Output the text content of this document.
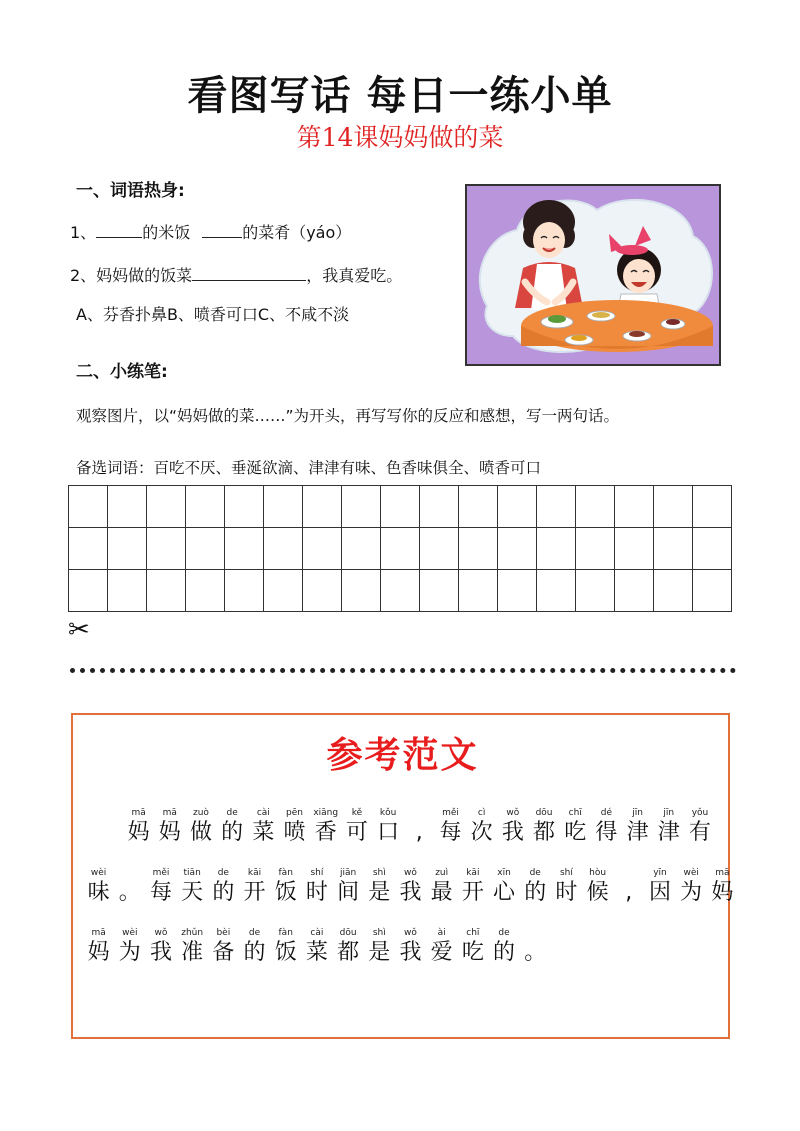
看图写话 每日一练小单
第14课妈妈做的菜
一、词语热身:
1、	的米饭	的菜肴（yáo）
2、妈妈做的饭菜	，我真爱吃。
A、芬香扑鼻B、喷香可口C、不咸不淡
二、小练笔:
观察图片，以“妈妈做的菜……”为开头，再写写你的反应和感想，写一两句话。
备选词语：百吃不厌、垂涎欲滴、津津有味、色香味俱全、喷香可口

✂
参考范文
mā
妈
mā
妈
zuò
做
de
的
cài
菜
pēn
喷
xiāng
香
kě
可
kǒu
口 ,
měi
每
cì
次
wǒ
我
dōu
都
chī
吃
dé
得
jīn
津
jīn
津
yǒu
有
wèi
味 。
měi
每
tiān
天
de
的
kāi
开
fàn
饭
shí
时
jiān
间
shì
是
wǒ
我
zuì
最
kāi
开
xīn
心
de
的
shí
时
hòu
候 ,
yīn
因
wèi
为
mā
妈
mā
妈
wèi
为
wǒ
我
zhǔn
准
bèi
备
de
的
fàn
饭
cài
菜
dōu
都
shì
是
wǒ
我
ài
爱
chī
吃
de
的 。
